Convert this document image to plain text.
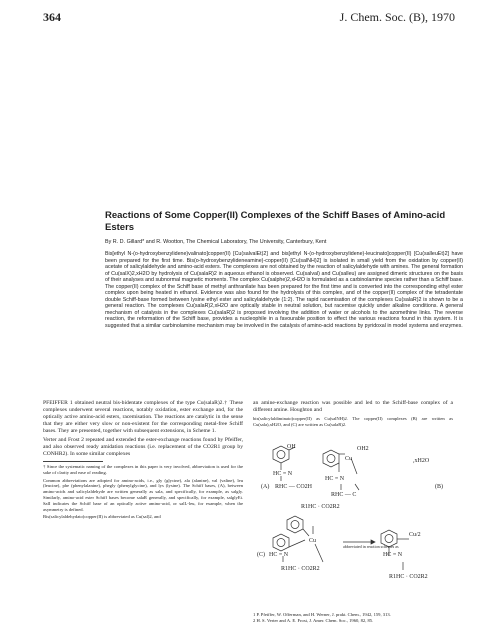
364	J. Chem. Soc. (B), 1970
Reactions of Some Copper(II) Complexes of the Schiff Bases of Amino-acid Esters
By R. D. Gillard* and R. Wootton, The Chemical Laboratory, The University, Canterbury, Kent

Bis[ethyl N-(o-hydroxybenzylidene)valinato]copper(II) [Cu(salvalEt)2] and bis[ethyl N-(o-hydroxybenzylidene)-leucinato]copper(II) [Cu(salleuEt)2] have been prepared for the first time. Bis(o-hydroxybenzylideneamine)-copper(II) [Cu(salNH)2] is isolated in small yield from the oxidation by copper(II) acetate of salicylaldehyde and amino-acid esters. The complexes are not obtained by the reaction of salicylaldehyde with amines. The general formation of Cu(salX)2,xH2O by hydrolysis of Cu(salaR)2 in aqueous ethanol is observed. Cu(salval) and Cu(salleu) are assigned dimeric structures on the basis of their analyses and subnormal magnetic moments. The complex Cu(salphe)2,xH2O is formulated as a carbinolamine species rather than a Schiff base. The copper(II) complex of the Schiff base of methyl anthranilate has been prepared for the first time and is converted into the corresponding ethyl ester complex upon being heated in ethanol. Evidence was also found for the hydrolysis of this complex, and of the copper(II) complex of the tetradentate double Schiff-base formed between lysine ethyl ester and salicylaldehyde (1:2). The rapid racemisation of the complexes Cu(salaR)2 is shown to be a general reaction. The complexes Cu(salaR)2,xH2O are optically stable in neutral solution, but racemise quickly under alkaline conditions. A general mechanism of catalysis in the complexes Cu(salaR)2 is proposed involving the addition of water or alcohols to the azomethine links. The reverse reaction, the reformation of the Schiff base, provides a nucleophile in a favourable position to effect the various reactions found in this system. It is suggested that a similar carbinolamine mechanism may be involved in the catalysis of amino-acid reactions by pyridoxal in model systems and enzymes.

PFEIFFER 1 obtained neutral bis-bidentate complexes of the type Cu(salaR)2.† These complexes underwent several reactions, notably oxidation, ester exchange and, for the optically active amino-acid esters, racemisation. The reactions are catalytic in the sense that they are either very slow or non-existent for the corresponding metal-free Schiff bases. They are presented, together with subsequent extensions, in Scheme 1.

Verter and Frost 2 repeated and extended the ester-exchange reactions found by Pfeiffer, and also observed ready amidation reactions (i.e. replacement of the CO2R1 group by CONHR2). In some similar complexes

† Since the systematic naming of the complexes in this paper is very involved, abbreviation is used for the sake of clarity and ease of reading.

Common abbreviations are adopted for amino-acids, i.e., gly (glycine), ala (alanine), val (valine), leu (leucine), phe (phenylalanine), phegly (phenylglycine), and lys (lysine). The Schiff bases, (A), between amino-acids and salicylaldehyde are written generally as sala, and specifically, for example, as salgly. Similarly, amino-acid ester Schiff bases become salaR generally, and specifically, for example, salglyEt. SalI indicates the Schiff base of an optically active amino-acid, or salL-leu, for example, when the asymmetry is defined.

Bis(salicylaldehydato)copper(II) is abbreviated as Cu(sal)2, and

an amine-exchange reaction was possible and led to the Schiff-base complex of a different amine. Houghton and

bis(salicylaldiminato)copper(II) as Cu(salNH)2. The copper(II) complexes (B) are written as Cu(sala),xH2O, and (C) are written as Cu(salaR)2.

OH
HC = N
(A) RHC — CO2H
OH2
Cu	,xH2O
HC = N
RHC — C
(B)
R1HC · CO2R2
Cu
(C) HC = N
R1HC · CO2R2
Cu/2
HC = N
R1HC · CO2R2
abbreviated in reaction schemes as

1 P. Pfeiffer, W. Offerman, and H. Werner, J. prakt. Chem., 1942, 159, 313.

2 H. S. Verter and A. E. Frost, J. Amer. Chem. Soc., 1960, 82, 85.
